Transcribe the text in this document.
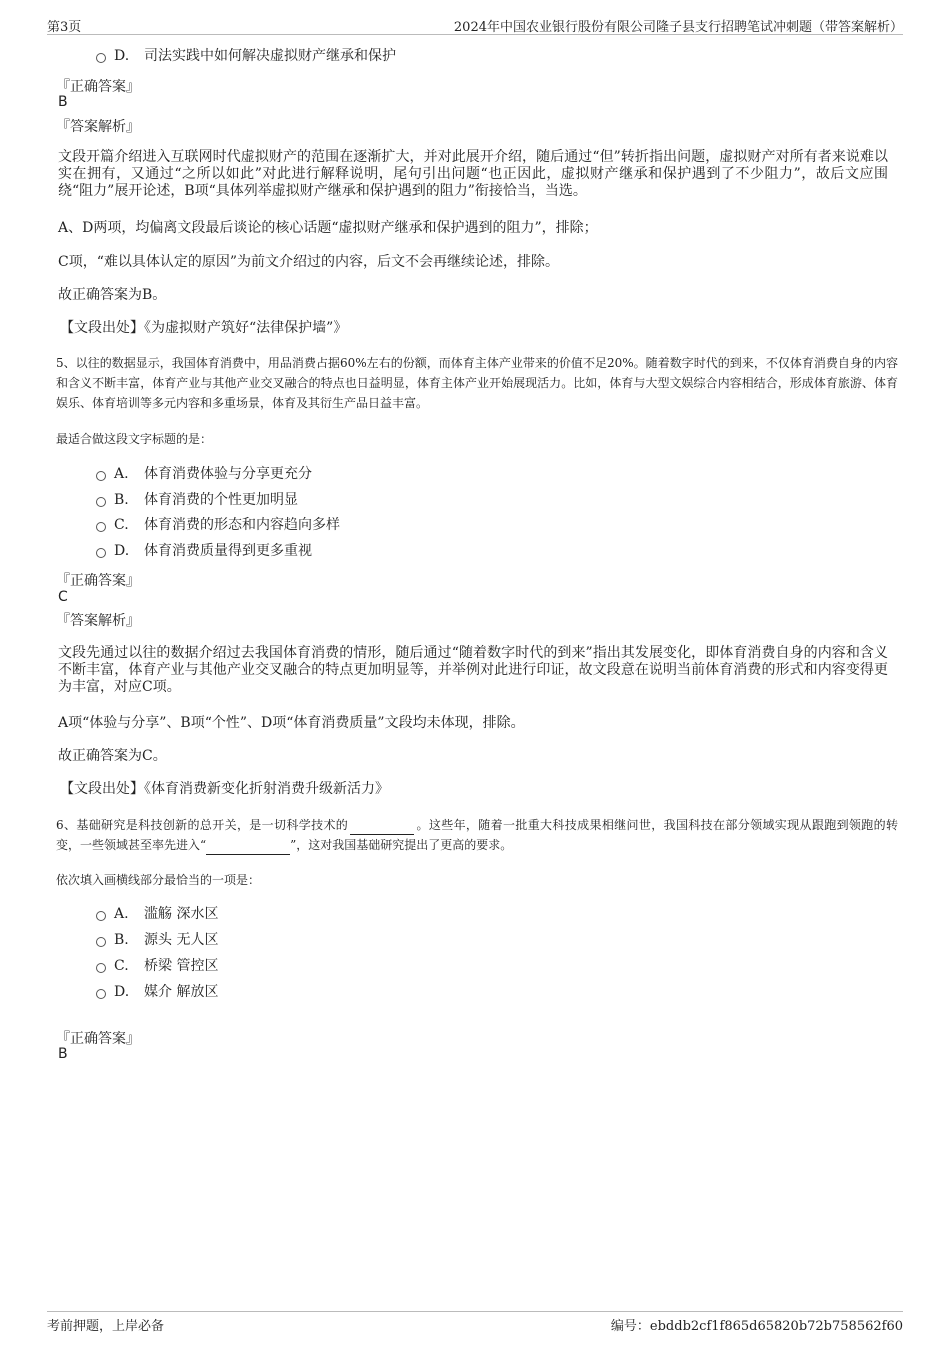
第3页	2024年中国农业银行股份有限公司隆子县支行招聘笔试冲刺题（带答案解析）
D. 司法实践中如何解决虚拟财产继承和保护
『正确答案』
B
『答案解析』
文段开篇介绍进入互联网时代虚拟财产的范围在逐渐扩大，并对此展开介绍，随后通过“但”转折指出问题，虚拟财产对所有者来说难以实在拥有，又通过“之所以如此”对此进行解释说明，尾句引出问题“也正因此，虚拟财产继承和保护遇到了不少阻力”，故后文应围绕“阻力”展开论述，B项“具体列举虚拟财产继承和保护遇到的阻力”衔接恰当，当选。
A、D两项，均偏离文段最后谈论的核心话题“虚拟财产继承和保护遇到的阻力”，排除；
C项，“难以具体认定的原因”为前文介绍过的内容，后文不会再继续论述，排除。
故正确答案为B。
【文段出处】《为虚拟财产筑好“法律保护墙”》
5、以往的数据显示，我国体育消费中，用品消费占据60%左右的份额，而体育主体产业带来的价值不足20%。随着数字时代的到来，不仅体育消费自身的内容和含义不断丰富，体育产业与其他产业交叉融合的特点也日益明显，体育主体产业开始展现活力。比如，体育与大型文娱综合内容相结合，形成体育旅游、体育娱乐、体育培训等多元内容和多重场景，体育及其衍生产品日益丰富。
最适合做这段文字标题的是：
A. 体育消费体验与分享更充分
B. 体育消费的个性更加明显
C. 体育消费的形态和内容趋向多样
D. 体育消费质量得到更多重视
『正确答案』
C
『答案解析』
文段先通过以往的数据介绍过去我国体育消费的情形，随后通过“随着数字时代的到来”指出其发展变化，即体育消费自身的内容和含义不断丰富，体育产业与其他产业交叉融合的特点更加明显等，并举例对此进行印证，故文段意在说明当前体育消费的形式和内容变得更为丰富，对应C项。
A项“体验与分享”、B项“个性”、D项“体育消费质量”文段均未体现，排除。
故正确答案为C。
【文段出处】《体育消费新变化折射消费升级新活力》
6、基础研究是科技创新的总开关，是一切科学技术的	。这些年，随着一批重大科技成果相继问世，我国科技在部分领域实现从跟跑到领跑的转变，一些领域甚至率先进入“	”，这对我国基础研究提出了更高的要求。
依次填入画横线部分最恰当的一项是：
A. 滥觞 深水区
B. 源头 无人区
C. 桥梁 管控区
D. 媒介 解放区
『正确答案』
B
考前押题，上岸必备	编号：ebddb2cf1f865d65820b72b758562f60
